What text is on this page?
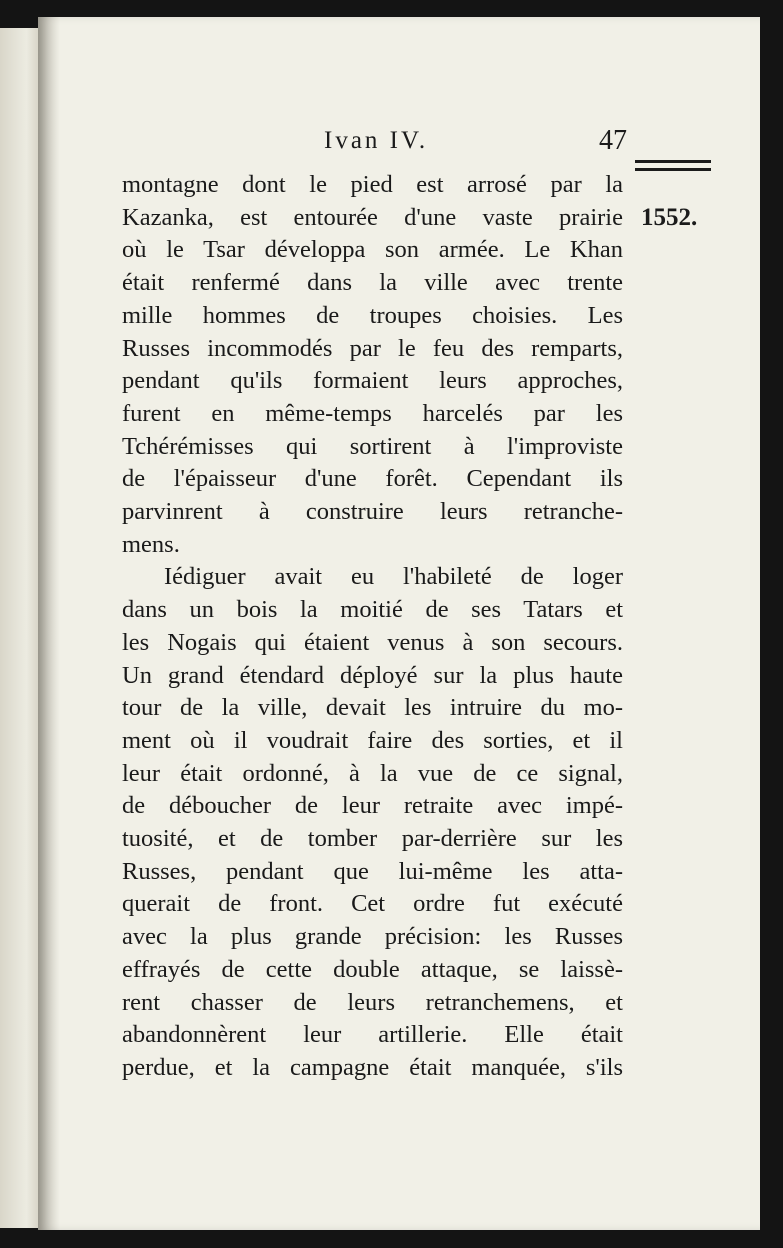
Ivan IV.	47
1552.
montagne dont le pied est arrosé par la
Kazanka, est entourée d'une vaste prairie
où le Tsar développa son armée. Le Khan
était renfermé dans la ville avec trente
mille hommes de troupes choisies. Les
Russes incommodés par le feu des remparts,
pendant qu'ils formaient leurs approches,
furent en même-temps harcelés par les
Tchérémisses qui sortirent à l'improviste
de l'épaisseur d'une forêt. Cependant ils
parvinrent à construire leurs retranche-
mens.
Iédiguer avait eu l'habileté de loger
dans un bois la moitié de ses Tatars et
les Nogais qui étaient venus à son secours.
Un grand étendard déployé sur la plus haute
tour de la ville, devait les intruire du mo-
ment où il voudrait faire des sorties, et il
leur était ordonné, à la vue de ce signal,
de déboucher de leur retraite avec impé-
tuosité, et de tomber par-derrière sur les
Russes, pendant que lui-même les atta-
querait de front. Cet ordre fut exécuté
avec la plus grande précision: les Russes
effrayés de cette double attaque, se laissè-
rent chasser de leurs retranchemens, et
abandonnèrent leur artillerie. Elle était
perdue, et la campagne était manquée, s'ils
